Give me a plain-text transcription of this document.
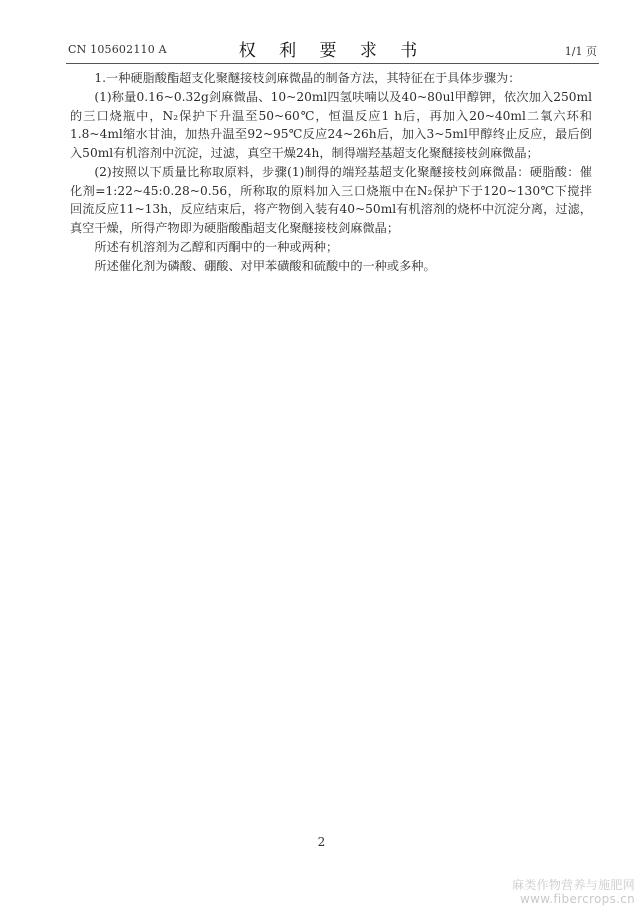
CN 105602110 A	权 利 要 求 书	1/1 页

1.一种硬脂酸酯超支化聚醚接枝剑麻微晶的制备方法，其特征在于具体步骤为：

(1)称量0.16~0.32g剑麻微晶、10~20ml四氢呋喃以及40~80ul甲醇钾，依次加入250ml的三口烧瓶中，N₂保护下升温至50~60℃，恒温反应1 h后，再加入20~40ml二氧六环和1.8~4ml缩水甘油，加热升温至92~95℃反应24~26h后，加入3~5ml甲醇终止反应，最后倒入50ml有机溶剂中沉淀，过滤，真空干燥24h，制得端羟基超支化聚醚接枝剑麻微晶；

(2)按照以下质量比称取原料，步骤(1)制得的端羟基超支化聚醚接枝剑麻微晶：硬脂酸：催化剂=1:22~45:0.28~0.56，所称取的原料加入三口烧瓶中在N₂保护下于120~130℃下搅拌回流反应11~13h，反应结束后，将产物倒入装有40~50ml有机溶剂的烧杯中沉淀分离，过滤，真空干燥，所得产物即为硬脂酸酯超支化聚醚接枝剑麻微晶；

所述有机溶剂为乙醇和丙酮中的一种或两种；

所述催化剂为磷酸、硼酸、对甲苯磺酸和硫酸中的一种或多种。

2
麻类作物营养与施肥网
www.fibercrops.cn
